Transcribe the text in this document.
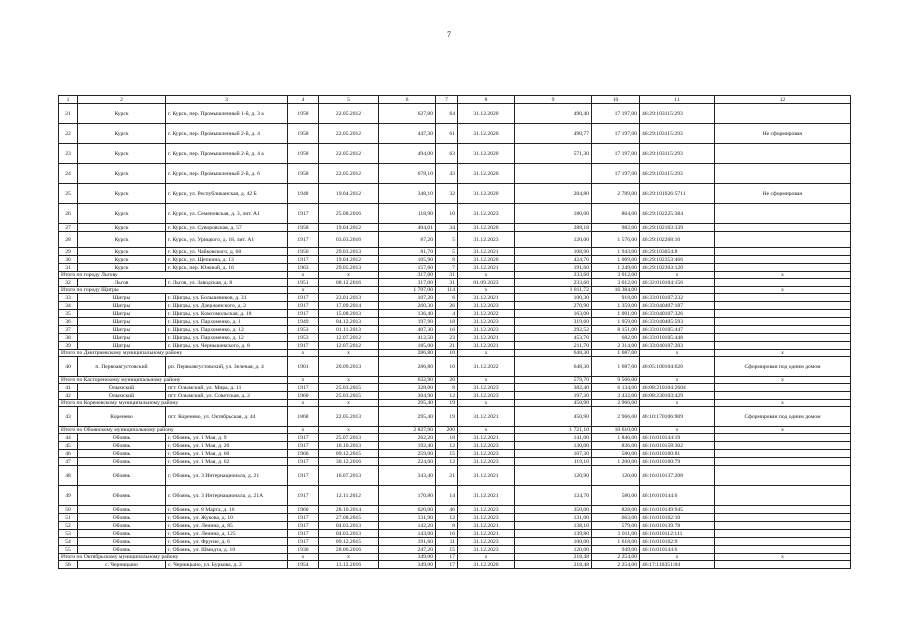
7
1	2	3	4	5	6	7	8	9	10	11	12
21	Курск	г. Курск, пер. Промышленный 1-й, д. 3 а	1958	22.05.2012	627,00	64	31.12.2020	490,40	17 197,00	46:29:103115:293	
22	Курск	г. Курск, пер. Промышленный 2-й, д. 4	1958	22.05.2012	447,30	61	31.12.2020	490,77	17 197,00	46:29:103115:293	Не сформирован
23	Курск	г. Курск, пер. Промышленный 2-й, д. 4 а	1958	22.05.2012	494,00	63	31.12.2020	571,30	17 197,00	46:29:103115:293	
24	Курск	г. Курск, пер. Промышленный 2-й, д. 6	1958	22.05.2012	678,10	43	31.12.2020		17 197,00	46:29:103115:293	
25	Курск	г. Курск, ул. Республиканская, д. 42 Б	1948	19.04.2012	348,10	32	31.12.2020	284,80	2 789,00	46:29:101026:5711	Не сформирован
26	Курск	г. Курск, ул. Семеновская, д. 3, лит. А1	1917	25.08.2016	118,90	10	31.12.2023	180,00	864,00	46:29:102225:384	
27	Курск	г. Курск, ул. Суворовская, д. 57	1958	19.04.2012	404,01	34	31.12.2020	288,18	982,00	46:29:102103:339	
28	Курск	г. Курск, ул. Урицкого, д. 18, лит. А1	1917	03.03.2016	87,20	5	31.12.2023	120,00	1 576,00	46:29:102268:10	
29	Курск	г. Курск, ул. Чайковского, д. 68	1956	29.03.2013	81,70	5	31.12.2021	108,90	1 943,00	46:29:103054:8	
30	Курск	г. Курск, ул. Щепкина, д. 13	1917	19.04.2012	105,90	8	31.12.2020	424,70	1 069,00	46:29:102353:466	
31	Курск	г. Курск, пер. Южный, д. 16	1963	29.05.2013	157,60	7	31.12.2021	191,60	1 249,00	46:29:102303:120	
Итого по городу Льгову			x	x	317,00	31	x	233,60	3 012,00	x	x
32	Льгов	г. Льгов, ул. Заводская, д. 8	1951	08.12.2016	317,00	31	01.09.2023	233,60	3 012,00	46:32:010104:156	
Итого по городу Щигры			x		1 707,00	114	x	1 811,72	16 384,00		x
33	Щигры	г. Щигры, ул. Большевиков, д. 31	1917	23.01.2013	107,20	6	31.12.2021	100,30	918,00	46:33:010107:232	
34	Щигры	г. Щигры, ул. Дзержинского, д. 2	1917	17.09.2014	260,30	26	31.12.2023	270,90	1 359,00	46:33:040407:187	
35	Щигры	г. Щигры, ул. Комсомольская, д. 18	1917	15.08.2013	136,40	4	31.12.2022	163,00	1 001,00	46:33:040107:326	
36	Щигры	г. Щигры, ул. Пархоменко, д. 1	1949	04.12.2013	197,90	18	31.12.2023	319,60	1 959,00	46:33:040405:593	
37	Щигры	г. Щигры, ул. Пархоменко, д. 12	1953	01.11.2013	407,30	16	31.12.2023	292,52	8 151,00	46:33:010105:447	
38	Щигры	г. Щигры, ул. Пархоменко, д. 12	1953	12.07.2012	412,50	23	31.12.2021	453,70	682,00	46:33:010105:448	
39	Щигры	г. Щигры, ул. Чернышевского, д. 8	1917	12.07.2012	185,00	21	31.12.2021	211,70	2 314,00	46:33:040107:203	
Итого по Дмитриевскому муниципальному району			x	x	286,80	10	x	648,30	1 687,00	x	x
40	п. Первоавгустовский	рп. Первоавгустовский, ул. Зеленая, д. 4	1901	20.09.2013	286,80	10	31.12.2022	648,30	1 687,00	46:05:100104:620	Сформирован под одним домом
Итого по Касторенскому муниципальному району			x	x	632,90	20	x	579,70	9 566,00	x	x
41	Олымский	пгт. Олымский, ул. Мира, д. 11	1917	25.03.2015	328,00	8	31.12.2023	382,40	6 134,00	46:08:210104:2604	
42	Олымский	пгт. Олымский, ул. Советская, д. 2	1960	25.03.2015	304,90	12	31.12.2023	197,30	3 432,00	46:08:230103:429	
Итого по Кореневскому муниципальному району			x	x	295,40	19	x	450,90	2 966,00	x	x
43	Коренево	пгт. Коренево, ул. Октябрьская, д. 44	1868	22.05.2013	295,40	19	31.12.2021	450,90	2 966,00	46:10:170106:909	Сформирован под одним домом
Итого по Обоянскому муниципальному району			x	x	2 827,90	200	x	1 721,10	10 610,00	x	x
44	Обоянь	г. Обоянь, ул. 1 Мая, д. 9	1917	25.07.2013	262,20	18	31.12.2021	141,00	1 846,00	46:16:010144:19	
45	Обоянь	г. Обоянь, ул. 1 Мая, д. 20	1917	10.10.2013	192,40	12	31.12.2023	130,00	836,00	46:16:010158:302	
46	Обоянь	г. Обоянь, ул. 1 Мая, д. 60	1966	09.12.2015	259,00	15	31.12.2023	107,30	580,00	46:16:010160:81	
47	Обоянь	г. Обоянь, ул. 1 Мая, д. 62	1917	30.12.2016	224,60	12	31.12.2023	119,10	1 200,00	46:16:010160:79	
48	Обоянь	г. Обоянь, ул. 3 Интернационала, д. 21	1917	16.07.2013	343,40	21	31.12.2021	120,90	120,00	46:16:010137:208	
49	Обоянь	г. Обоянь, ул. 3 Интернационала, д. 21А	1917	12.11.2012	170,80	14	31.12.2021	124,70	580,00	46:16:010144:6	
50	Обоянь	г. Обоянь, ул. 8 Марта, д. 16	1960	28.10.2014	620,00	46	31.12.2023	350,00	828,00	46:16:010149:945	
51	Обоянь	г. Обоянь, ул. Жукова, д. 10	1917	27.08.2015	131,90	12	31.12.2023	131,00	663,00	46:16:010162:10	
52	Обоянь	г. Обоянь, ул. Ленина, д. 85	1917	04.03.2013	142,20	8	31.12.2021	138,10	579,00	46:16:010139:78	
53	Обоянь	г. Обоянь, ул. Ленина, д. 125	1917	04.03.2013	143,00	16	31.12.2021	139,80	1 011,00	46:16:010112:111	
54	Обоянь	г. Обоянь, ул. Фрунзе, д. 6	1917	09.12.2015	191,60	11	31.12.2023	100,00	1 618,00	46:16:010162:9	
55	Обоянь	г. Обоянь, ул. Шмидта, д. 10	1930	28.06.2016	247,20	15	31.12.2023	120,00	949,00	46:16:010144:6	
Итого по Октябрьскому муниципальному району			x	x	349,00	17	x	218,48	2 254,00	x	x
56	с. Черницыно	с. Черницыно, ул. Буркова, д. 2	1954	13.12.2016	349,00	17	31.12.2020	218,48	2 254,00	46:17:110351:84	
